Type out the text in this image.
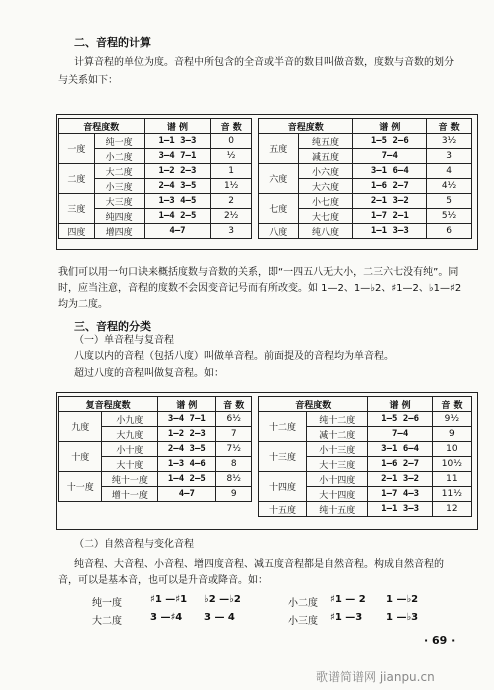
二、音程的计算
计算音程的单位为度。音程中所包含的全音或半音的数目叫做音数，度数与音数的划分
与关系如下：
音程度数		谱 例	音 数
一度	纯一度	1—1 3—3	0
	小二度	3—4 7—1	½
二度	大二度	1—2 2—3	1
	小三度	2—4 3—5	1½
三度	大三度	1—3 4—5	2
	纯四度	1—4 2—5	2½
四度	增四度	4—7	3
音程度数		谱 例	音 数
五度	纯五度	1—5 2—6	3½
	减五度	7—4	3
六度	小六度	3—1 6—4	4
	大六度	1—6 2—7	4½
七度	小七度	2—1 3—2	5
	大七度	1—7 2—1	5½
八度	纯八度	1—1 3—3	6
我们可以用一句口诀来概括度数与音数的关系，即“一四五八无大小，二三六七没有纯”。同
时，应当注意，音程的度数不会因变音记号而有所改变。如 1—2、1—♭2、♯1—2、♭1—♯2
均为二度。
三、音程的分类
（一）单音程与复音程
八度以内的音程（包括八度）叫做单音程。前面提及的音程均为单音程。
超过八度的音程叫做复音程。如：
复音程度数		谱 例	音 数
九度	小九度	3—4 7—1	6½
	大九度	1—2 2—3	7
十度	小十度	2—4 3—5	7½
	大十度	1—3 4—6	8
十一度	纯十一度	1—4 2—5	8½
	增十一度	4—7	9
音程度数		谱 例	音 数
十二度	纯十二度	1—5 2—6	9½
	减十二度	7—4	9
十三度	小十三度	3—1 6—4	10
	大十三度	1—6 2—7	10½
十四度	小十四度	2—1 3—2	11
	大十四度	1—7 4—3	11½
十五度	纯十五度	1—1 3—3	12
（二）自然音程与变化音程
纯音程、大音程、小音程、增四度音程、减五度音程都是自然音程。构成自然音程的
音，可以是基本音，也可以是升音或降音。如：
纯一度	♯1 —♯1 ♭2 —♭2	小二度 ♯1 — 2 1 —♭2
大二度	3 —♯4 3 — 4	小三度 ♯1 —3 1 —♭3
· 69 ·
歌谱简谱网 jianpu.cn
